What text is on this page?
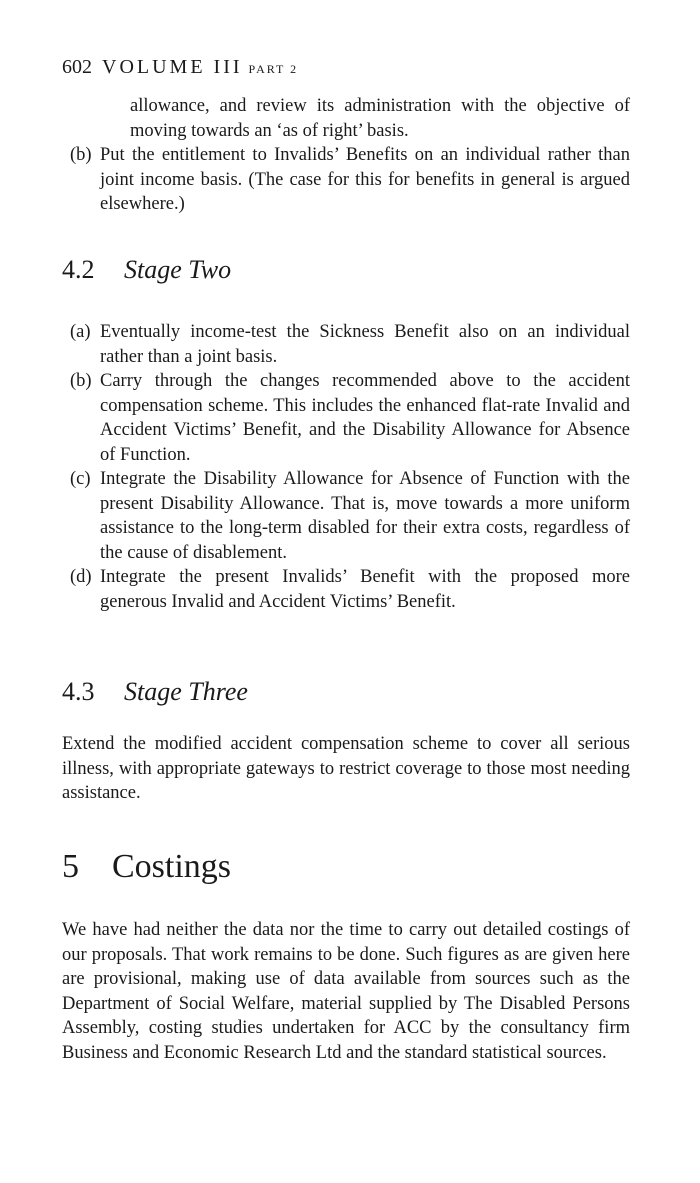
602 VOLUME III PART 2
allowance, and review its administration with the objective of moving towards an ‘as of right’ basis.
(b) Put the entitlement to Invalids’ Benefits on an individual rather than joint income basis. (The case for this for benefits in general is argued elsewhere.)
4.2 Stage Two
(a) Eventually income-test the Sickness Benefit also on an individual rather than a joint basis.
(b) Carry through the changes recommended above to the accident compensation scheme. This includes the enhanced flat-rate Invalid and Accident Victims’ Benefit, and the Disability Allowance for Absence of Function.
(c) Integrate the Disability Allowance for Absence of Function with the present Disability Allowance. That is, move towards a more uniform assistance to the long-term disabled for their extra costs, regardless of the cause of disablement.
(d) Integrate the present Invalids’ Benefit with the proposed more generous Invalid and Accident Victims’ Benefit.
4.3 Stage Three

Extend the modified accident compensation scheme to cover all serious illness, with appropriate gateways to restrict coverage to those most needing assistance.

5 Costings

We have had neither the data nor the time to carry out detailed costings of our proposals. That work remains to be done. Such figures as are given here are provisional, making use of data available from sources such as the Department of Social Welfare, material supplied by The Disabled Persons Assembly, costing studies undertaken for ACC by the consultancy firm Business and Economic Research Ltd and the standard statistical sources.
